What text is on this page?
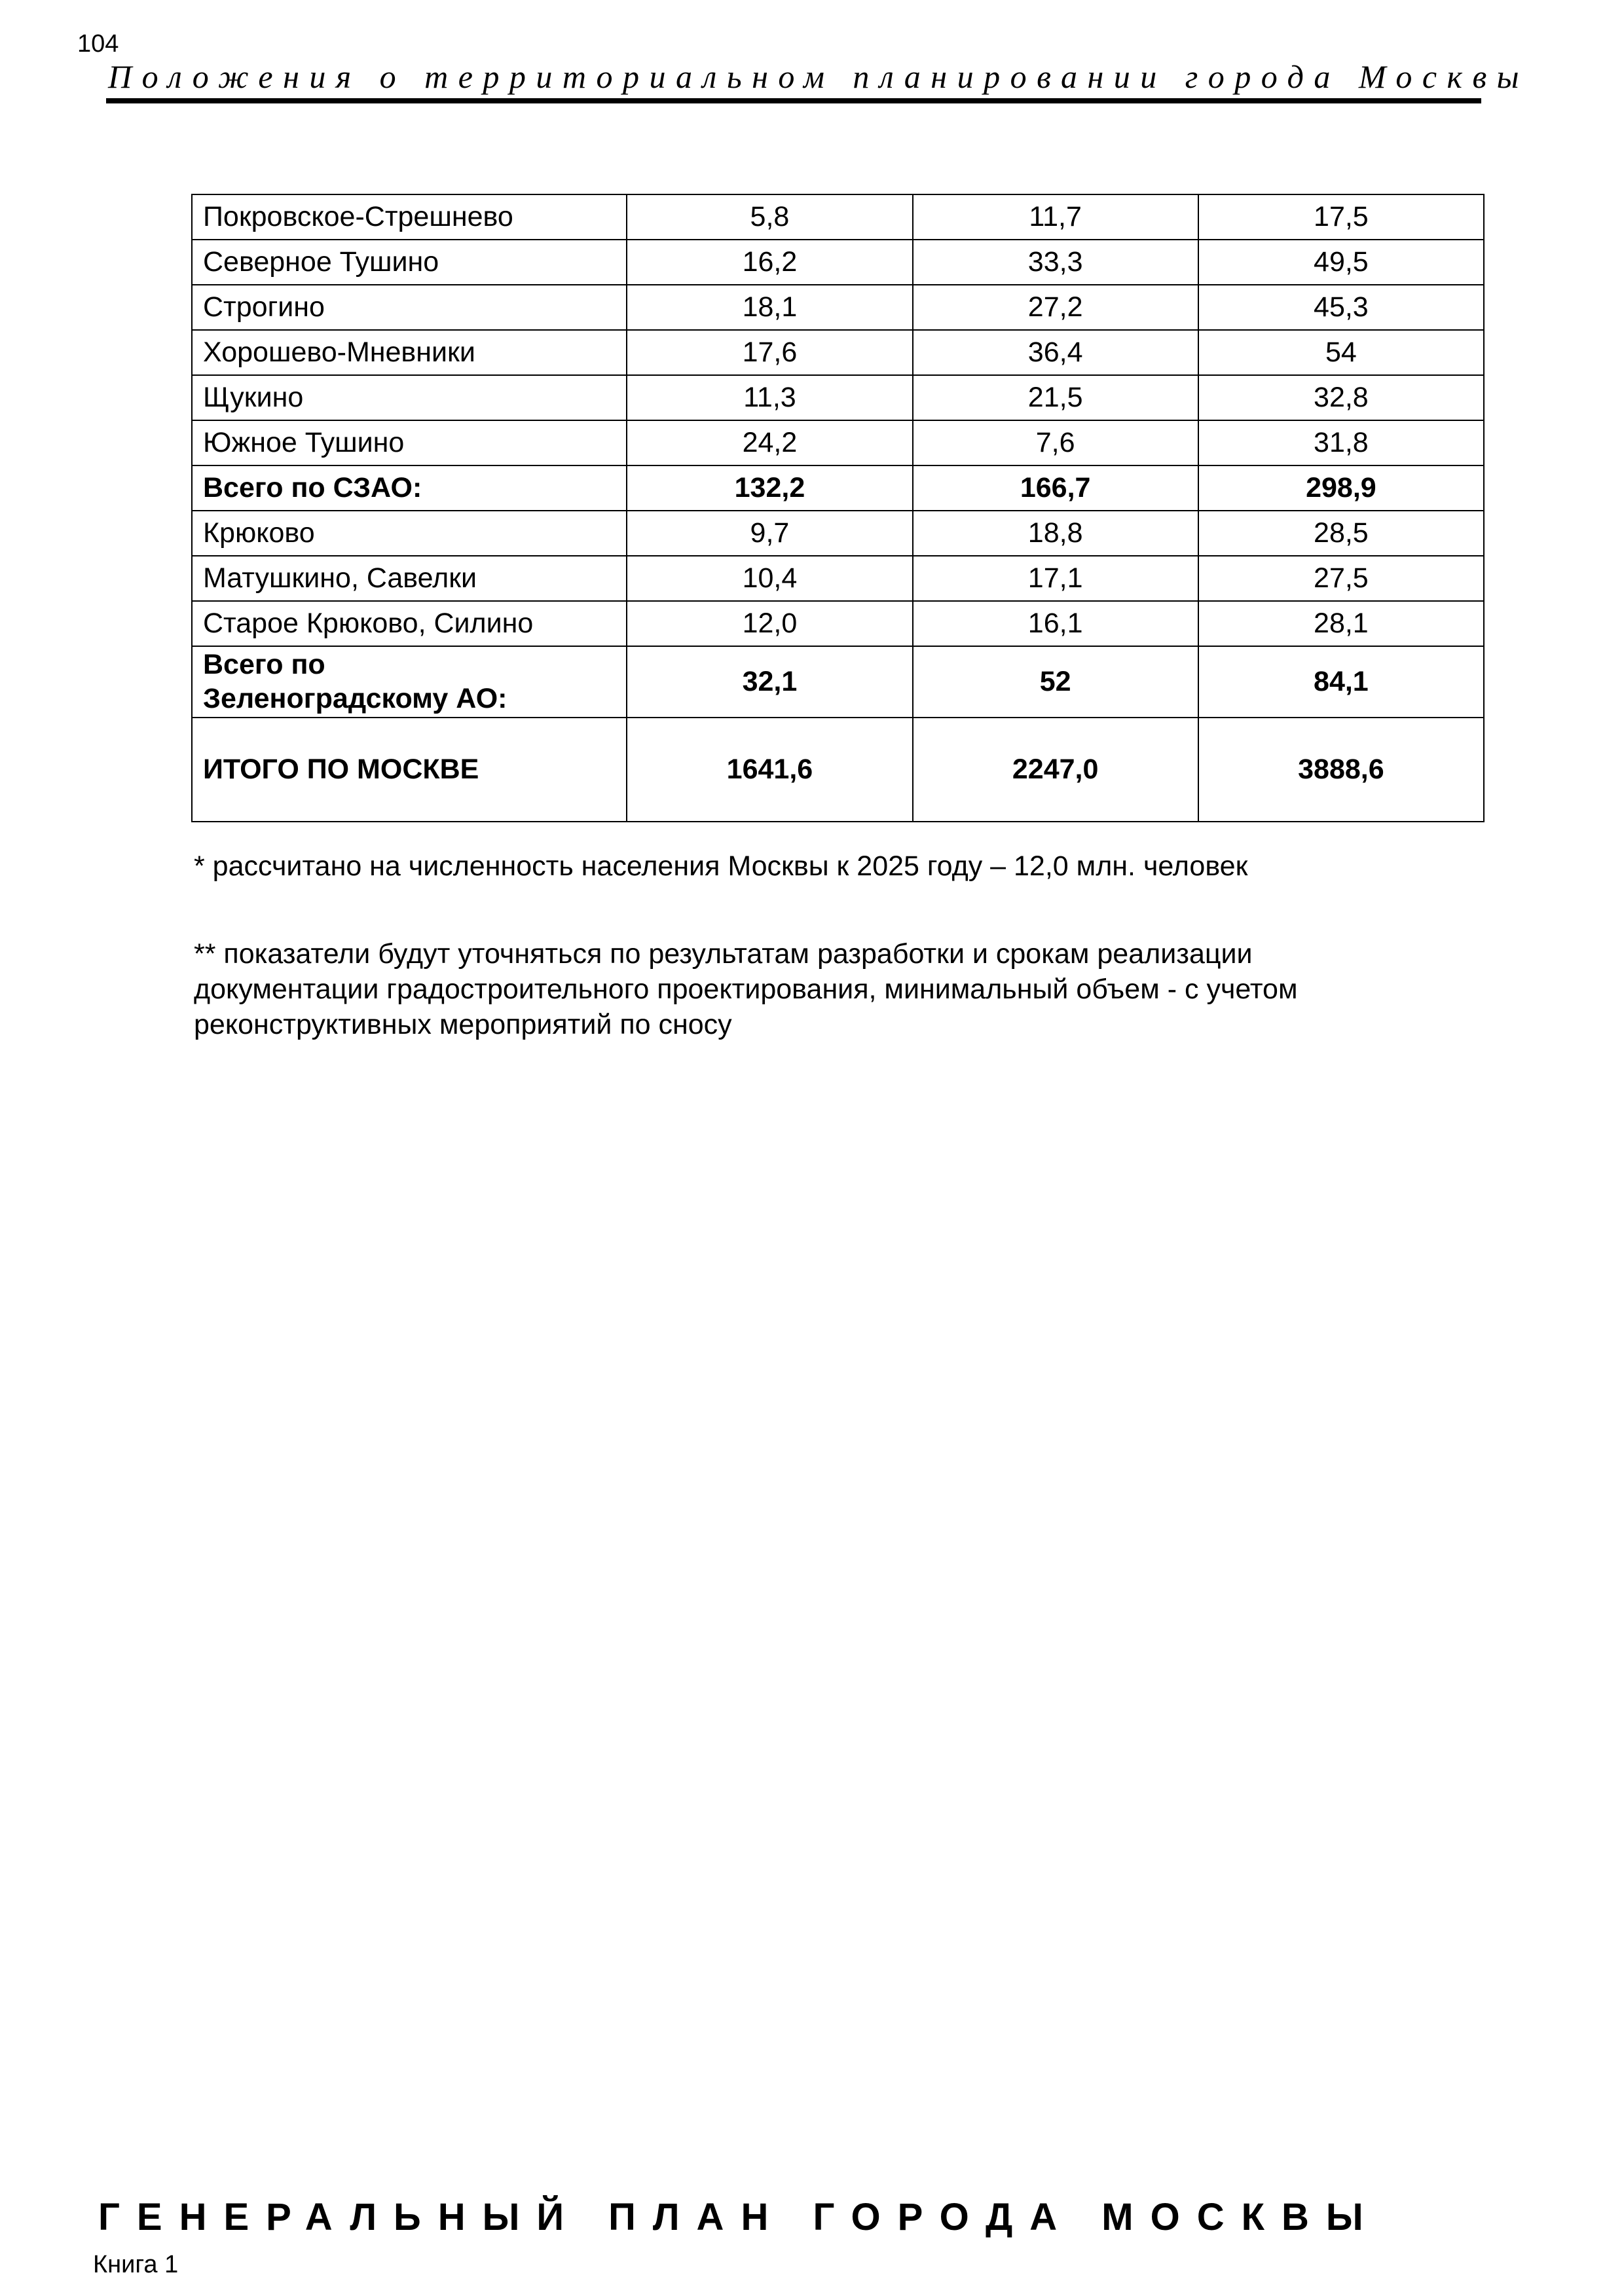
104
Положения о территориальном планировании города Москвы
Покровское-Стрешнево	5,8	11,7	17,5
Северное Тушино	16,2	33,3	49,5
Строгино	18,1	27,2	45,3
Хорошево-Мневники	17,6	36,4	54
Щукино	11,3	21,5	32,8
Южное Тушино	24,2	7,6	31,8
Всего по СЗАО:	132,2	166,7	298,9
Крюково	9,7	18,8	28,5
Матушкино, Савелки	10,4	17,1	27,5
Старое Крюково, Силино	12,0	16,1	28,1
Всего по
Зеленоградскому АО:	32,1	52	84,1
ИТОГО ПО МОСКВЕ	1641,6	2247,0	3888,6
* рассчитано на численность населения Москвы к 2025 году – 12,0 млн. человек
** показатели будут уточняться по результатам разработки и срокам реализации
документации градостроительного проектирования, минимальный объем - с учетом
реконструктивных мероприятий по сносу
ГЕНЕРАЛЬНЫЙ ПЛАН ГОРОДА МОСКВЫ
Книга 1
